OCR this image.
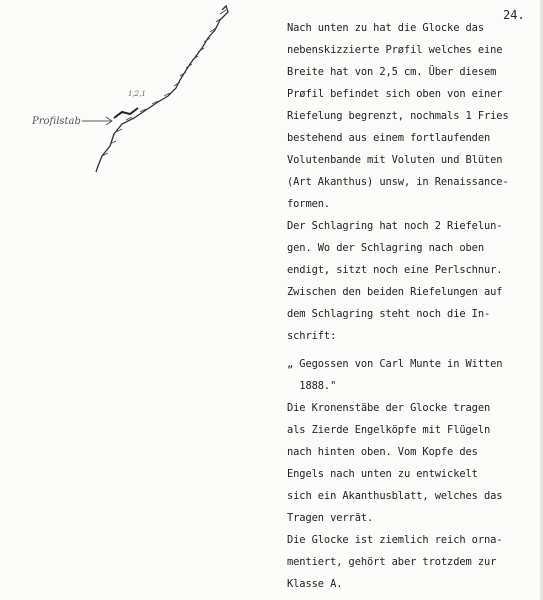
24.
Profilstab
1,2,1
Nach unten zu hat die Glocke das
nebenskizzierte Prøfil welches eine
Breite hat von 2,5 cm. Über diesem
Prøfil befindet sich oben von einer
Riefelung begrenzt, nochmals 1 Fries
bestehend aus einem fortlaufenden
Volutenbande mit Voluten und Blüten
(Art Akanthus) unsw, in Renaissance-
formen.
Der Schlagring hat noch 2 Riefelun-
gen. Wo der Schlagring nach oben
endigt, sitzt noch eine Perlschnur.
Zwischen den beiden Riefelungen auf
dem Schlagring steht noch die In-
schrift:
„ Gegossen von Carl Munte in Witten
1888."
Die Kronenstäbe der Glocke tragen
als Zierde Engelköpfe mit Flügeln
nach hinten oben. Vom Kopfe des
Engels nach unten zu entwickelt
sich ein Akanthusblatt, welches das
Tragen verrät.
Die Glocke ist ziemlich reich orna-
mentiert, gehört aber trotzdem zur
Klasse A.
